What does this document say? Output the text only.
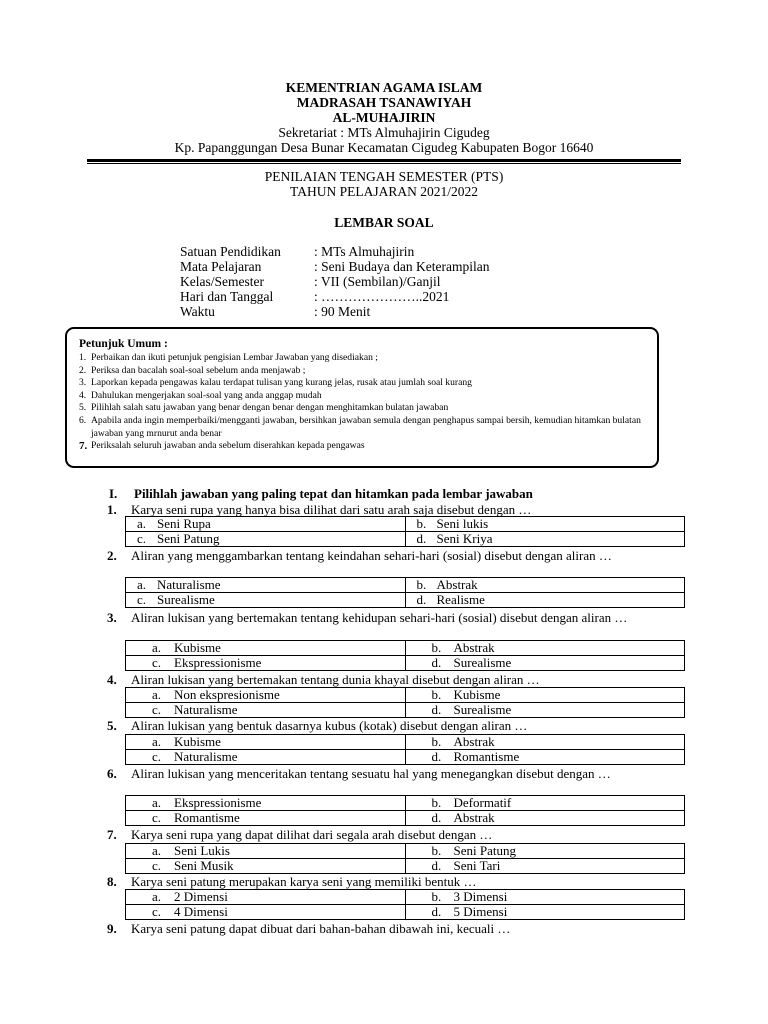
KEMENTRIAN AGAMA ISLAM
MADRASAH TSANAWIYAH
AL-MUHAJIRIN
Sekretariat : MTs Almuhajirin Cigudeg
Kp. Papanggungan Desa Bunar Kecamatan Cigudeg Kabupaten Bogor 16640
PENILAIAN TENGAH SEMESTER (PTS)
TAHUN PELAJARAN 2021/2022
LEMBAR SOAL
Satuan Pendidikan	: MTs Almuhajirin
Mata Pelajaran	: Seni Budaya dan Keterampilan
Kelas/Semester	: VII (Sembilan)/Ganjil
Hari dan Tanggal	: …………………..2021
Waktu	: 90 Menit
Petunjuk Umum :
1. Perbaikan dan ikuti petunjuk pengisian Lembar Jawaban yang disediakan ;
2. Periksa dan bacalah soal-soal sebelum anda menjawab ;
3. Laporkan kepada pengawas kalau terdapat tulisan yang kurang jelas, rusak atau jumlah soal kurang
4. Dahulukan mengerjakan soal-soal yang anda anggap mudah
5. Pilihlah salah satu jawaban yang benar dengan benar dengan menghitamkan bulatan jawaban
6. Apabila anda ingin memperbaiki/mengganti jawaban, bersihkan jawaban semula dengan penghapus sampai bersih, kemudian hitamkan bulatan jawaban yang mrnurut anda benar
7. Periksalah seluruh jawaban anda sebelum diserahkan kepada pengawas
I.	Pilihlah jawaban yang paling tepat dan hitamkan pada lembar jawaban
1.	Karya seni rupa yang hanya bisa dilihat dari satu arah saja disebut dengan …
a. Seni Rupa	b. Seni lukis

c. Seni Patung	d. Seni Kriya
2.	Aliran yang menggambarkan tentang keindahan sehari-hari (sosial) disebut dengan aliran …
a. Naturalisme	b. Abstrak

c. Surealisme	d. Realisme
3.	Aliran lukisan yang bertemakan tentang kehidupan sehari-hari (sosial) disebut dengan aliran …
a. Kubisme	b. Abstrak

c. Ekspressionisme	d. Surealisme
4.	Aliran lukisan yang bertemakan tentang dunia khayal disebut dengan aliran …
a. Non ekspresionisme	b. Kubisme

c. Naturalisme	d. Surealisme
5.	Aliran lukisan yang bentuk dasarnya kubus (kotak) disebut dengan aliran …
a. Kubisme	b. Abstrak

c. Naturalisme	d. Romantisme
6.	Aliran lukisan yang menceritakan tentang sesuatu hal yang menegangkan disebut dengan …
a. Ekspressionisme	b. Deformatif

c. Romantisme	d. Abstrak
7.	Karya seni rupa yang dapat dilihat dari segala arah disebut dengan …
a. Seni Lukis	b. Seni Patung

c. Seni Musik	d. Seni Tari
8.	Karya seni patung merupakan karya seni yang memiliki bentuk …
a. 2 Dimensi	b. 3 Dimensi

c. 4 Dimensi	d. 5 Dimensi
9.	Karya seni patung dapat dibuat dari bahan-bahan dibawah ini, kecuali …
